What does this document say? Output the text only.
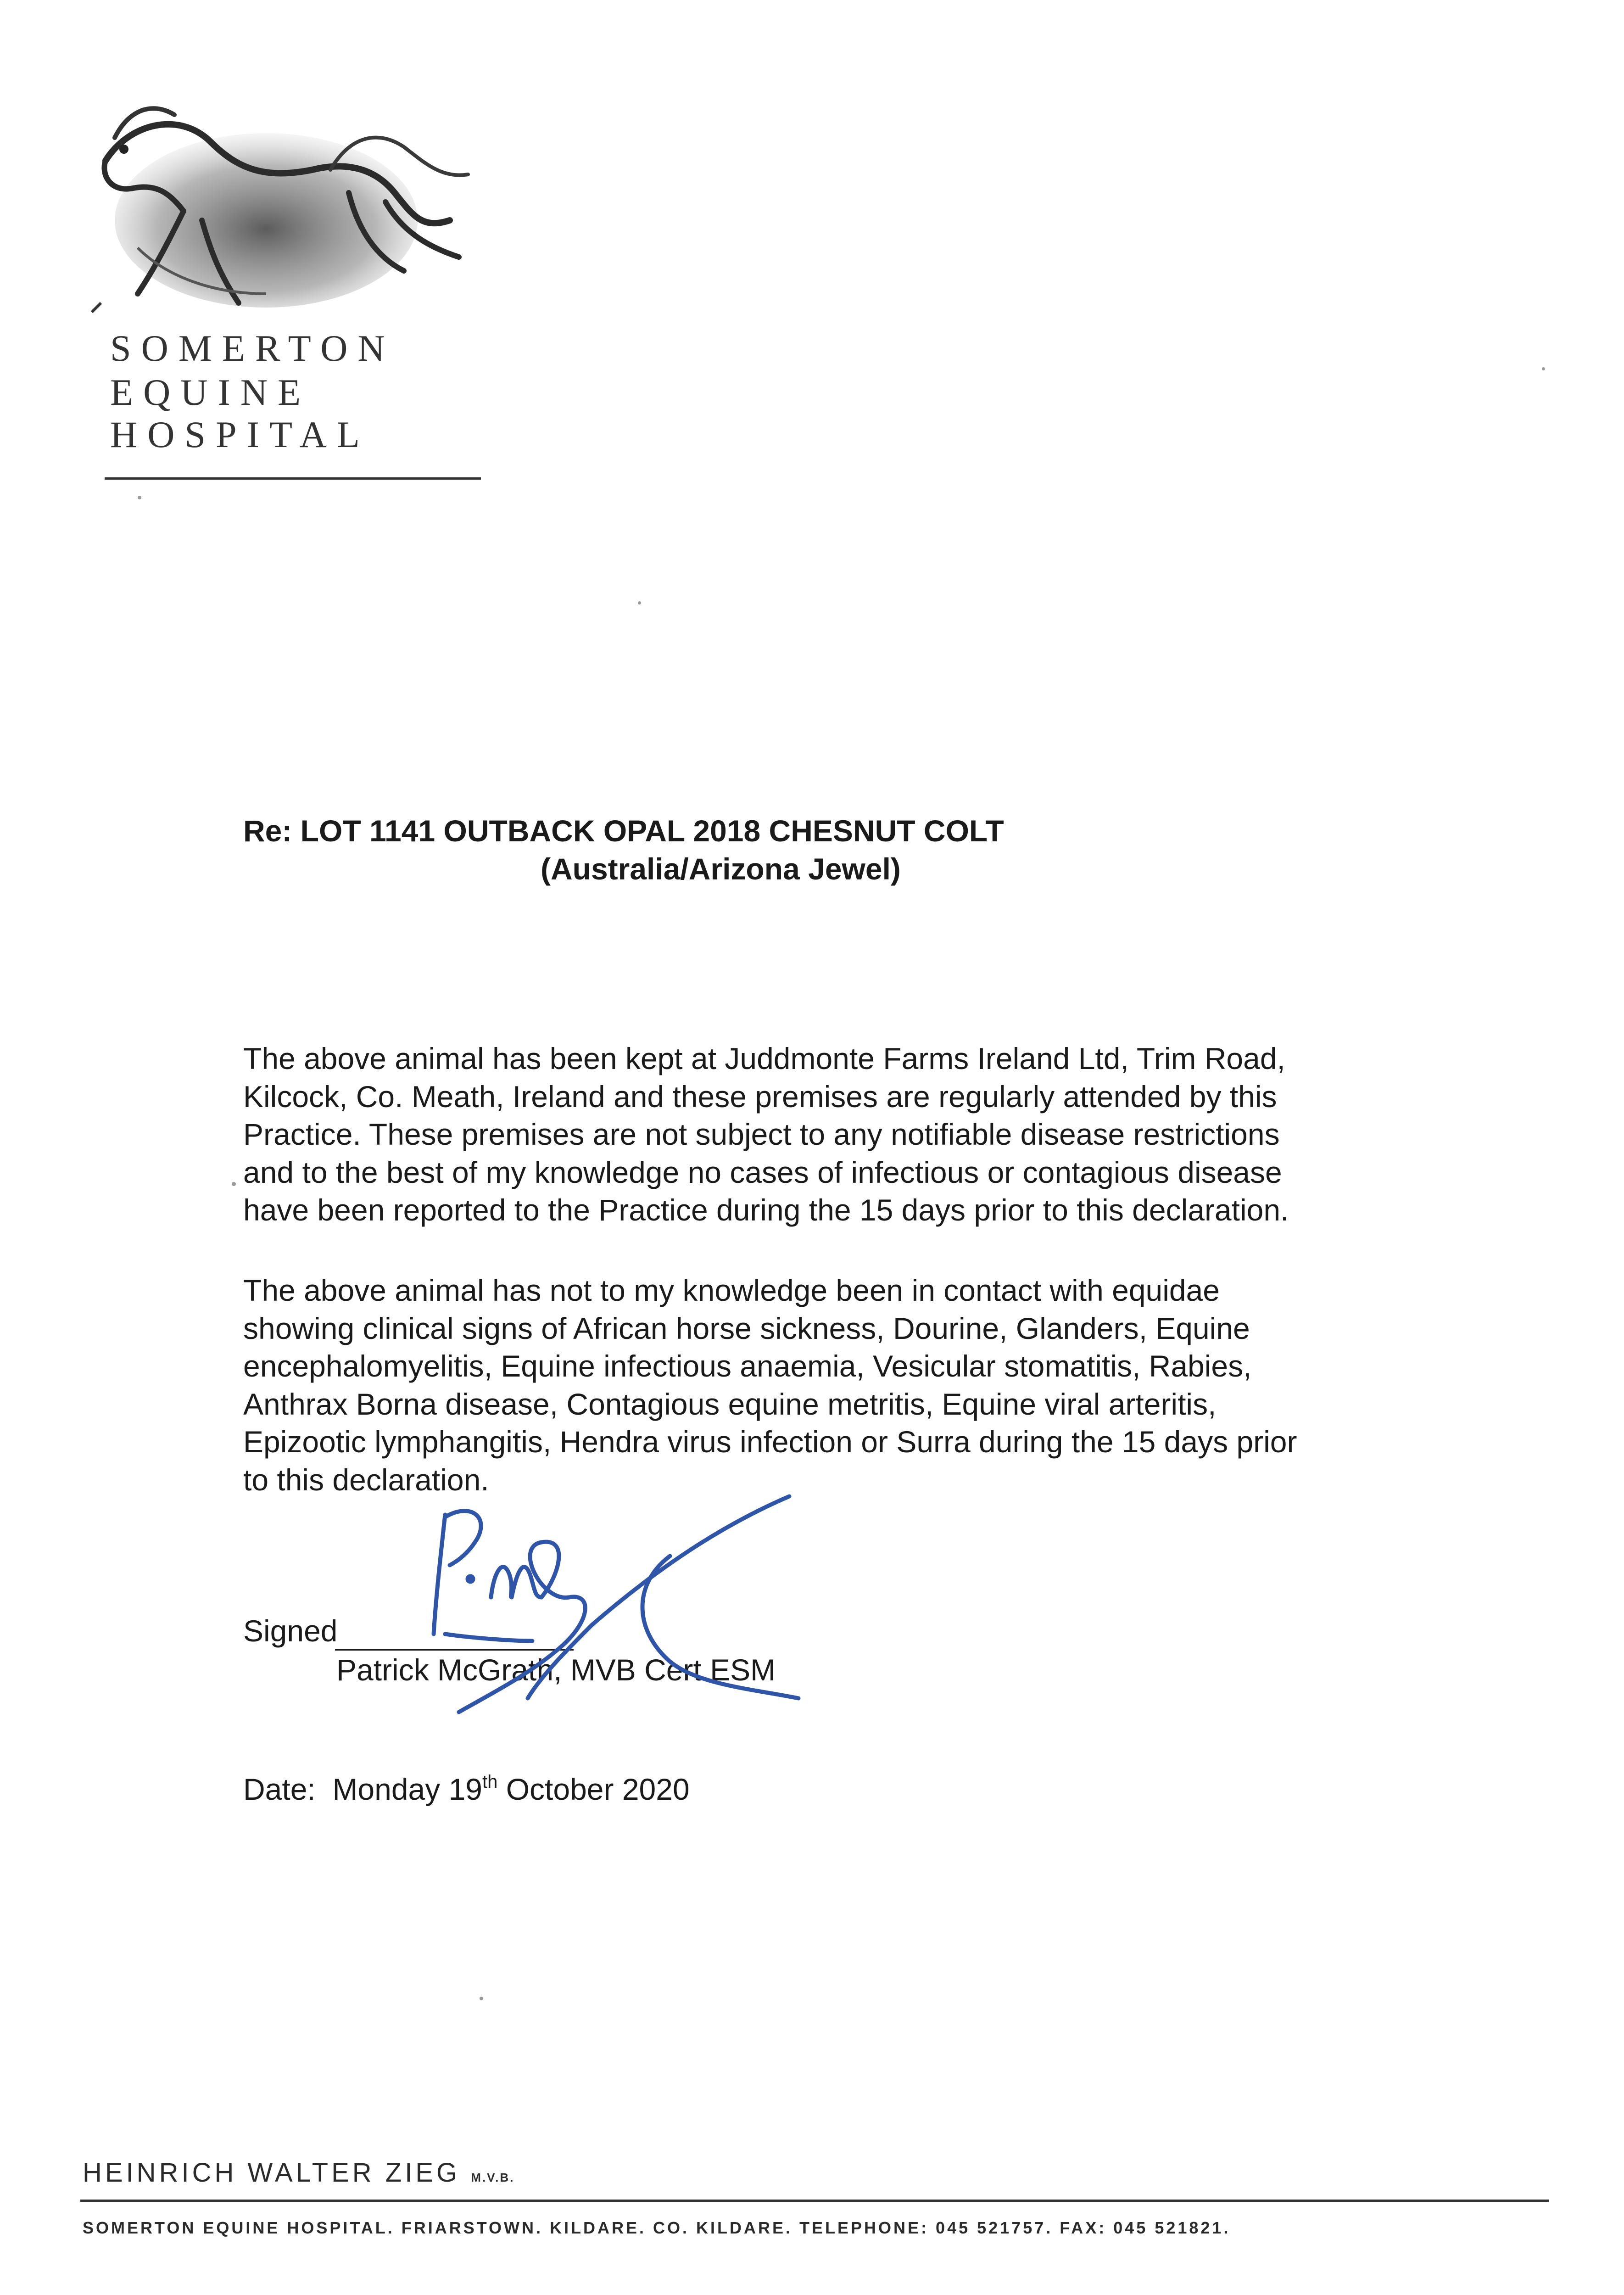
SOMERTON
EQUINE
HOSPITAL
Re: LOT 1141 OUTBACK OPAL 2018 CHESNUT COLT
(Australia/Arizona Jewel)
The above animal has been kept at Juddmonte Farms Ireland Ltd, Trim Road,
Kilcock, Co. Meath, Ireland and these premises are regularly attended by this
Practice. These premises are not subject to any notifiable disease restrictions
and to the best of my knowledge no cases of infectious or contagious disease
have been reported to the Practice during the 15 days prior to this declaration.
The above animal has not to my knowledge been in contact with equidae
showing clinical signs of African horse sickness, Dourine, Glanders, Equine
encephalomyelitis, Equine infectious anaemia, Vesicular stomatitis, Rabies,
Anthrax Borna disease, Contagious equine metritis, Equine viral arteritis,
Epizootic lymphangitis, Hendra virus infection or Surra during the 15 days prior
to this declaration.
Signed
Patrick McGrath, MVB Cert ESM
Date: Monday 19th October 2020
HEINRICH WALTER ZIEG M.V.B.
SOMERTON EQUINE HOSPITAL. FRIARSTOWN. KILDARE. CO. KILDARE. TELEPHONE: 045 521757. FAX: 045 521821.
